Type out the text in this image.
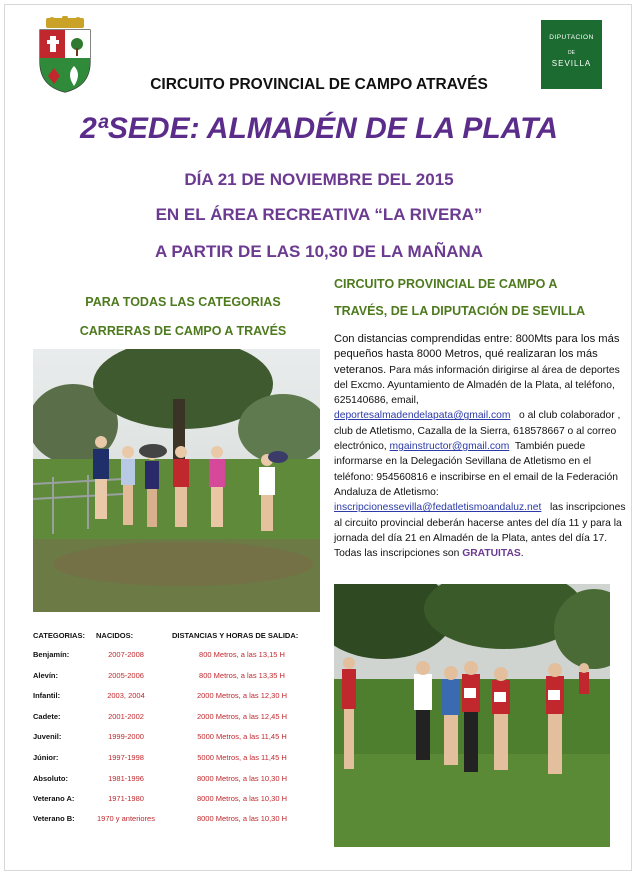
DIPUTACION
DE
SEVILLA
CIRCUITO PROVINCIAL DE CAMPO ATRAVÉS
2ªSEDE: ALMADÉN DE LA PLATA
DÍA 21 DE NOVIEMBRE DEL 2015
EN EL ÁREA RECREATIVA “LA RIVERA”
A PARTIR DE LAS 10,30 DE LA MAÑANA
PARA TODAS LAS CATEGORIAS
CARRERAS DE CAMPO A TRAVÉS
CIRCUITO PROVINCIAL DE CAMPO A
TRAVÉS, DE LA DIPUTACIÓN DE SEVILLA
Con distancias comprendidas entre: 800Mts para los más pequeños hasta 8000 Metros, qué realizaran los más veteranos. Para más información dirigirse al área de deportes del Excmo. Ayuntamiento de Almadén de la Plata, al teléfono, 625140686, email,
deportesalmadendelapata@gmail.com o al club colaborador , club de Atletismo, Cazalla de la Sierra, 618578667 o al correo electrónico, mgainstructor@gmail.com También puede informarse en la Delegación Sevillana de Atletismo en el teléfono: 954560816 e inscribirse en el email de la Federación Andaluza de Atletismo:
inscripcionessevilla@fedatletismoandaluz.net las inscripciones al circuito provincial deberán hacerse antes del día 11 y para la jornada del día 21 en Almadén de la Plata, antes del día 17. Todas las inscripciones son GRATUITAS.
CATEGORIAS: NACIDOS:	DISTANCIAS Y HORAS DE SALIDA:
Benjamín:	2007-2008	800 Metros, a las 13,15 H
Alevín:	2005-2006	800 Metros, a las 13,35 H
Infantil:	2003, 2004	2000 Metros, a las 12,30 H
Cadete:	2001-2002	2000 Metros, a las 12,45 H
Juvenil:	1999-2000	5000 Metros, a las 11,45 H
Júnior:	1997-1998	5000 Metros, a las 11,45 H
Absoluto:	1981-1996	8000 Metros, a las 10,30 H
Veterano A:	1971-1980	8000 Metros, a las 10,30 H
Veterano B:	1970 y anteriores	8000 Metros, a las 10,30 H
